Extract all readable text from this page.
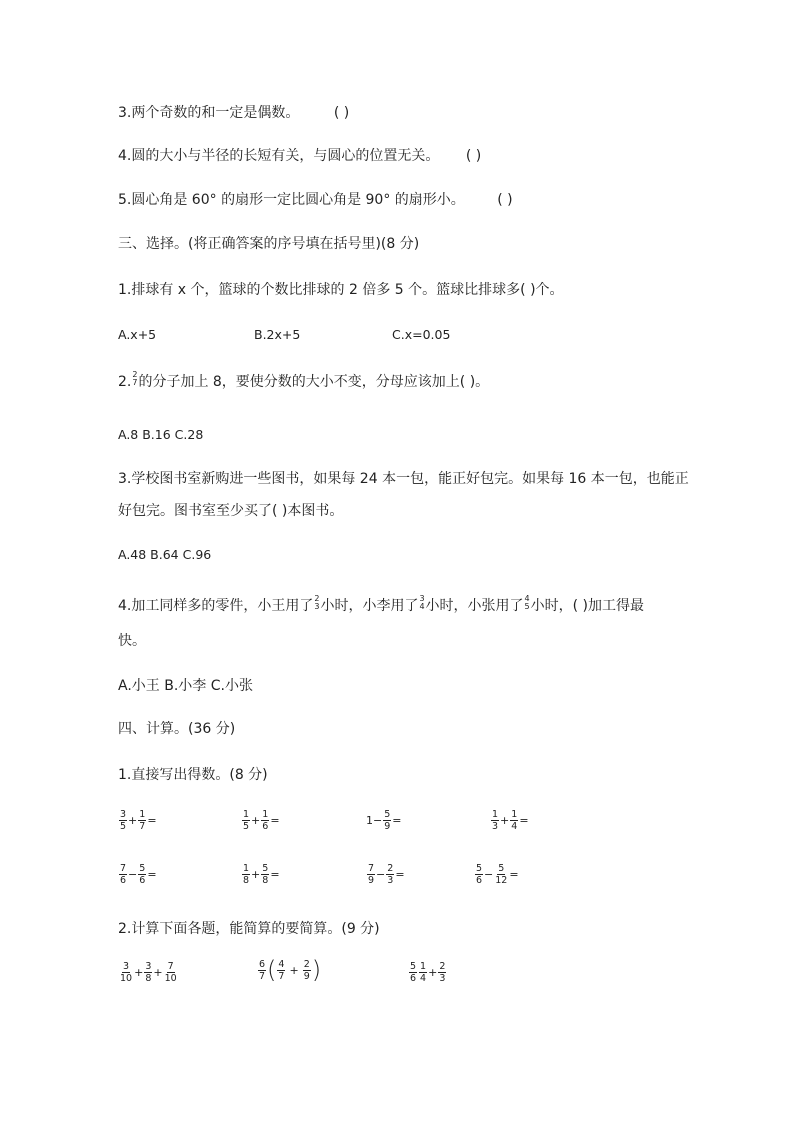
3.两个奇数的和一定是偶数。 ( )
4.圆的大小与半径的长短有关，与圆心的位置无关。 ( )
5.圆心角是 60° 的扇形一定比圆心角是 90° 的扇形小。 ( )
三、选择。(将正确答案的序号填在括号里)(8 分)
1.排球有 x 个，篮球的个数比排球的 2 倍多 5 个。篮球比排球多( )个。
A.x+5	B.2x+5	C.x=0.05
2. 2
7 的分子加上 8，要使分数的大小不变，分母应该加上( )。
A.8 B.16 C.28
3.学校图书室新购进一些图书，如果每 24 本一包，能正好包完。如果每 16 本一包，也能正
好包完。图书室至少买了( )本图书。
A.48 B.64 C.96
4.加工同样多的零件，小王用了 2
3 小时，小李用了 3
4 小时，小张用了 4
5 小时，( )加工得最
快。
A.小王 B.小李 C.小张
四、计算。(36 分)
1.直接写出得数。(8 分)
$\frac{3}{5} + \frac{1}{7}$ =	$\frac{1}{5} + \frac{1}{6}$ =	$1- \frac{5}{9}$ =	$\frac{1}{3} + \frac{1}{4}$ =
$\frac{7}{6} - \frac{5}{6}$ =	$\frac{1}{8} + \frac{5}{8}$ =	$\frac{7}{9} - \frac{2}{3}$ =	$\frac{5}{6} - \frac{5}{12}$ =
2.计算下面各题，能简算的要简算。(9 分)
$\frac{3}{10} + \frac{3}{8} + \frac{7}{10}$	$\frac{6}{7}$ ( $\frac{4}{7} + \frac{2}{9}$ )	$\frac{5}{6} \frac{1}{4} + \frac{2}{3}$
